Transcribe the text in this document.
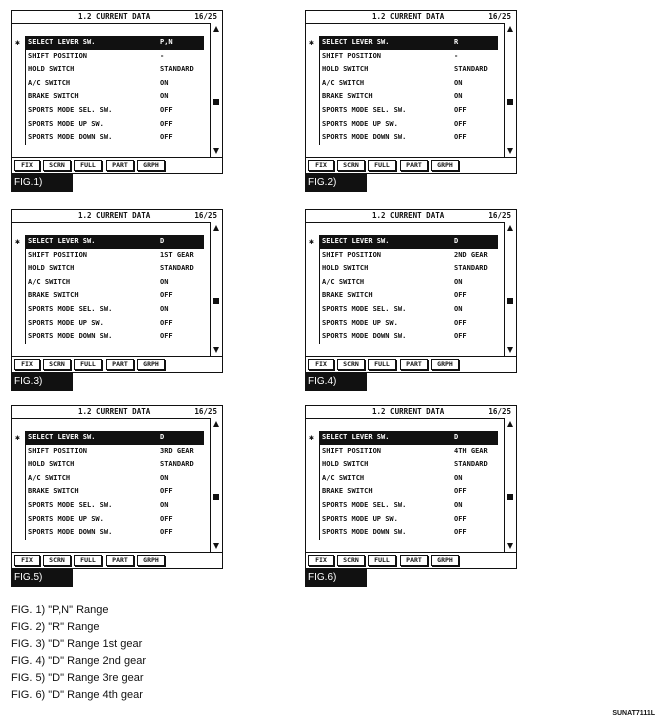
1.2 CURRENT DATA	16/25
✱ SELECT LEVER SW.	P,N
SHIFT POSITION	-
HOLD SWITCH	STANDARD
A/C SWITCH	ON
BRAKE SWITCH	ON
SPORTS MODE SEL. SW.	OFF
SPORTS MODE UP SW.	OFF
SPORTS MODE DOWN SW.	OFF
FIX	SCRN	FULL	PART	GRPH
FIG.1)
1.2 CURRENT DATA	16/25
✱ SELECT LEVER SW.	R
SHIFT POSITION	-
HOLD SWITCH	STANDARD
A/C SWITCH	ON
BRAKE SWITCH	ON
SPORTS MODE SEL. SW.	OFF
SPORTS MODE UP SW.	OFF
SPORTS MODE DOWN SW.	OFF
FIX	SCRN	FULL	PART	GRPH
FIG.2)
1.2 CURRENT DATA	16/25
✱ SELECT LEVER SW.	D
SHIFT POSITION	1ST GEAR
HOLD SWITCH	STANDARD
A/C SWITCH	ON
BRAKE SWITCH	OFF
SPORTS MODE SEL. SW.	ON
SPORTS MODE UP SW.	OFF
SPORTS MODE DOWN SW.	OFF
FIX	SCRN	FULL	PART	GRPH
FIG.3)
1.2 CURRENT DATA	16/25
✱ SELECT LEVER SW.	D
SHIFT POSITION	2ND GEAR
HOLD SWITCH	STANDARD
A/C SWITCH	ON
BRAKE SWITCH	OFF
SPORTS MODE SEL. SW.	ON
SPORTS MODE UP SW.	OFF
SPORTS MODE DOWN SW.	OFF
FIX	SCRN	FULL	PART	GRPH
FIG.4)
1.2 CURRENT DATA	16/25
✱ SELECT LEVER SW.	D
SHIFT POSITION	3RD GEAR
HOLD SWITCH	STANDARD
A/C SWITCH	ON
BRAKE SWITCH	OFF
SPORTS MODE SEL. SW.	ON
SPORTS MODE UP SW.	OFF
SPORTS MODE DOWN SW.	OFF
FIX	SCRN	FULL	PART	GRPH
FIG.5)
1.2 CURRENT DATA	16/25
✱ SELECT LEVER SW.	D
SHIFT POSITION	4TH GEAR
HOLD SWITCH	STANDARD
A/C SWITCH	ON
BRAKE SWITCH	OFF
SPORTS MODE SEL. SW.	ON
SPORTS MODE UP SW.	OFF
SPORTS MODE DOWN SW.	OFF
FIX	SCRN	FULL	PART	GRPH
FIG.6)
FIG. 1) "P,N" Range
FIG. 2) "R" Range
FIG. 3) "D" Range 1st gear
FIG. 4) "D" Range 2nd gear
FIG. 5) "D" Range 3re gear
FIG. 6) "D" Range 4th gear
SUNAT7111L
